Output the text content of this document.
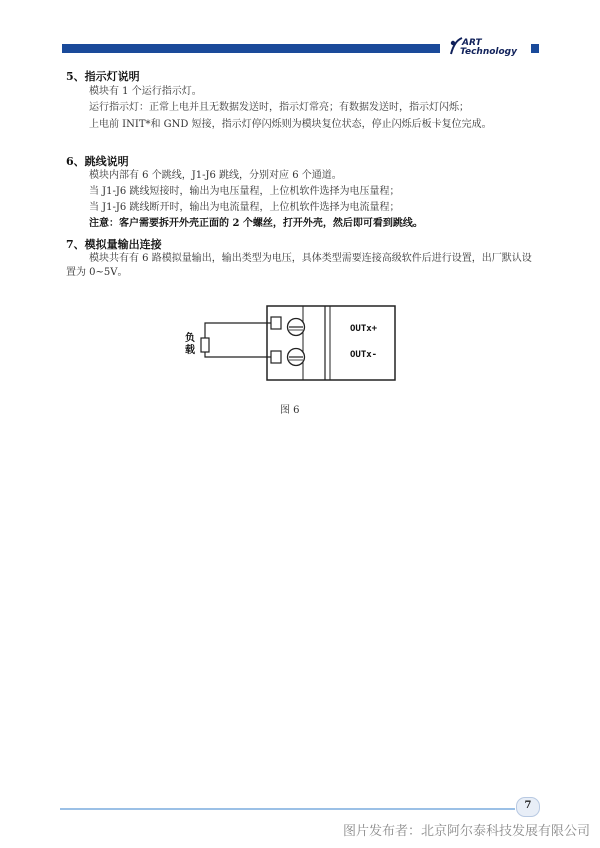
ART
Technology
5、指示灯说明
模块有 1 个运行指示灯。
运行指示灯：正常上电并且无数据发送时，指示灯常亮；有数据发送时，指示灯闪烁；
上电前 INIT*和 GND 短接，指示灯停闪烁则为模块复位状态，停止闪烁后板卡复位完成。
6、跳线说明
模块内部有 6 个跳线，J1-J6 跳线，分别对应 6 个通道。
当 J1-J6 跳线短接时，输出为电压量程，上位机软件选择为电压量程；
当 J1-J6 跳线断开时，输出为电流量程，上位机软件选择为电流量程；
注意：客户需要拆开外壳正面的 2 个螺丝，打开外壳，然后即可看到跳线。
7、模拟量输出连接
模块共有有 6 路模拟量输出，输出类型为电压，具体类型需要连接高级软件后进行设置，出厂默认设置为 0~5V。
负载
OUTx+
OUTx-
图 6
7
图片发布者：北京阿尔泰科技发展有限公司
